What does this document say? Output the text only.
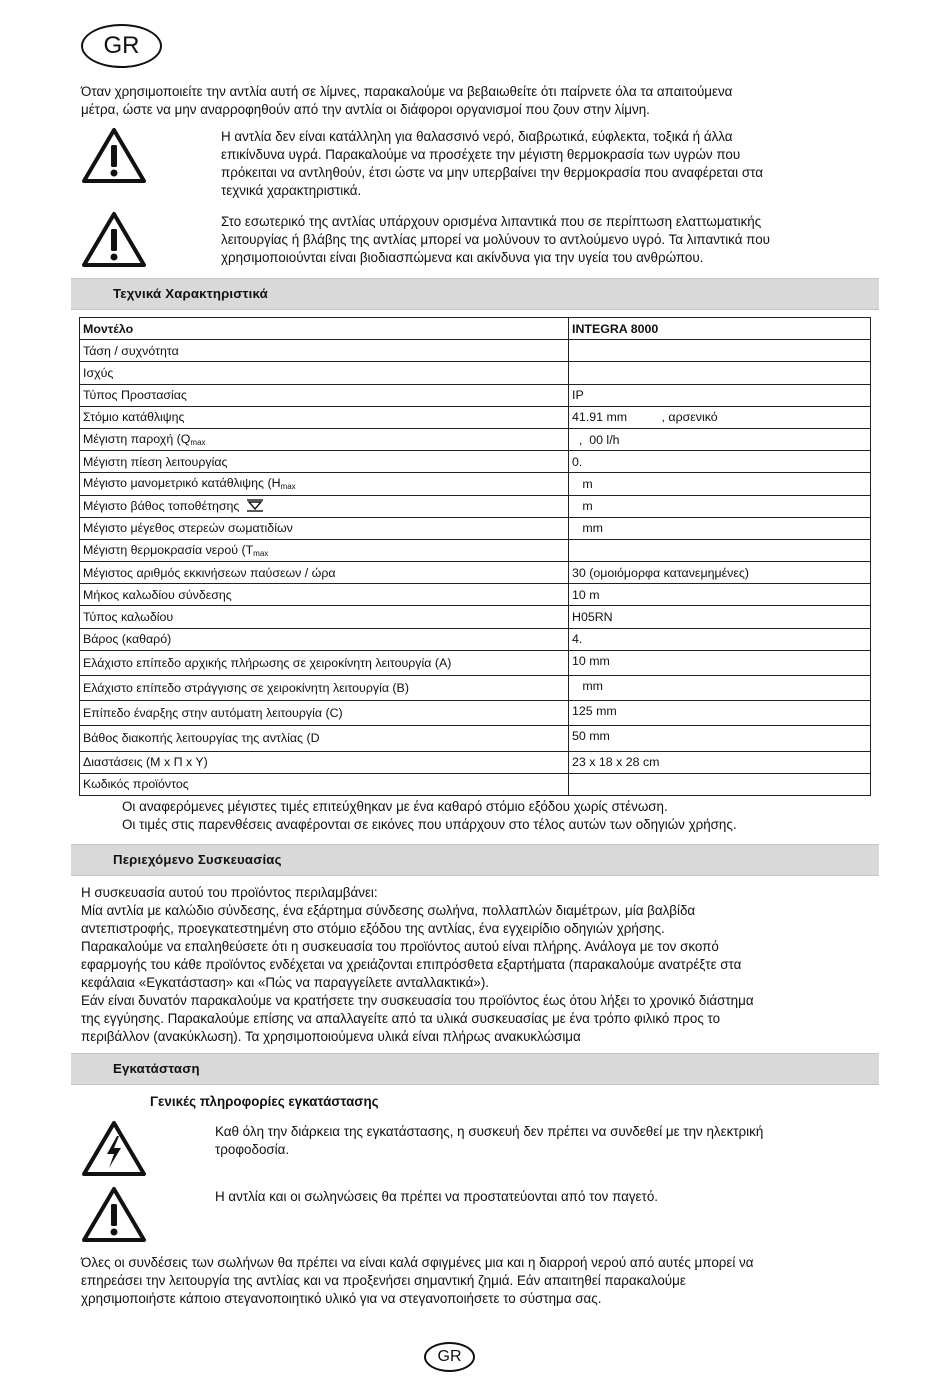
GR
Όταν χρησιμοποιείτε την αντλία αυτή σε λίμνες, παρακαλούμε να βεβαιωθείτε ότι παίρνετε όλα τα απαιτούμενα
μέτρα, ώστε να μην αναρροφηθούν από την αντλία οι διάφοροι οργανισμοί που ζουν στην λίμνη.
Η αντλία δεν είναι κατάλληλη για θαλασσινό νερό, διαβρωτικά, εύφλεκτα, τοξικά ή άλλα
επικίνδυνα υγρά. Παρακαλούμε να προσέχετε την μέγιστη θερμοκρασία των υγρών που
πρόκειται να αντληθούν, έτσι ώστε να μην υπερβαίνει την θερμοκρασία που αναφέρεται στα
τεχνικά χαρακτηριστικά.
Στο εσωτερικό της αντλίας υπάρχουν ορισμένα λιπαντικά που σε περίπτωση ελαττωματικής
λειτουργίας ή βλάβης της αντλίας μπορεί να μολύνουν το αντλούμενο υγρό. Τα λιπαντικά που
χρησιμοποιούνται είναι βιοδιασπώμενα και ακίνδυνα για την υγεία του ανθρώπου.
Τεχνικά Χαρακτηριστικά
Μοντέλο	INTEGRA 8000
Τάση / συχνότητα	
Ισχύς	
Τύπος Προστασίας	IP
Στόμιο κατάθλιψης	41.91 mm          , αρσενικό
Μέγιστη παροχή ($Q_{max}$	,  00 l/h
Μέγιστη πίεση λειτουργίας	0.
Μέγιστο μανομετρικό κατάθλιψης ($H_{max}$	m
Μέγιστο βάθος τοποθέτησης	m
Μέγιστο μέγεθος στερεών σωματιδίων	mm
Μέγιστη θερμοκρασία νερού ($T_{max}$	
Μέγιστος αριθμός εκκινήσεων παύσεων / ώρα	30 (ομοιόμορφα κατανεμημένες)
Μήκος καλωδίου σύνδεσης	10 m
Τύπος καλωδίου	H05RN
Βάρος (καθαρό)	4.
Ελάχιστο επίπεδο αρχικής πλήρωσης σε χειροκίνητη λειτουργία (A)	10 mm
Ελάχιστο επίπεδο στράγγισης σε χειροκίνητη λειτουργία (B)	mm
Επίπεδο έναρξης στην αυτόματη λειτουργία (C)	125 mm
Βάθος διακοπής λειτουργίας της αντλίας (D	50 mm
Διαστάσεις (M x Π x Y)	23 x 18 x 28 cm
Κωδικός προϊόντος	
Οι αναφερόμενες μέγιστες τιμές επιτεύχθηκαν με ένα καθαρό στόμιο εξόδου χωρίς στένωση.
Οι τιμές στις παρενθέσεις αναφέρονται σε εικόνες που υπάρχουν στο τέλος αυτών των οδηγιών χρήσης.
Περιεχόμενο Συσκευασίας
Η συσκευασία αυτού του προϊόντος περιλαμβάνει:
Μία αντλία με καλώδιο σύνδεσης, ένα εξάρτημα σύνδεσης σωλήνα, πολλαπλών διαμέτρων, μία βαλβίδα
αντεπιστροφής, προεγκατεστημένη στο στόμιο εξόδου της αντλίας, ένα εγχειρίδιο οδηγιών χρήσης.
Παρακαλούμε να επαληθεύσετε ότι η συσκευασία του προϊόντος αυτού είναι πλήρης. Ανάλογα με τον σκοπό
εφαρμογής του κάθε προϊόντος ενδέχεται να χρειάζονται επιπρόσθετα εξαρτήματα (παρακαλούμε ανατρέξτε στα
κεφάλαια «Εγκατάσταση» και «Πώς να παραγγείλετε ανταλλακτικά»).
Εάν είναι δυνατόν παρακαλούμε να κρατήσετε την συσκευασία του προϊόντος έως ότου λήξει το χρονικό διάστημα
της εγγύησης. Παρακαλούμε επίσης να απαλλαγείτε από τα υλικά συσκευασίας με ένα τρόπο φιλικό προς το
περιβάλλον (ανακύκλωση). Τα χρησιμοποιούμενα υλικά είναι πλήρως ανακυκλώσιμα
Εγκατάσταση
Γενικές πληροφορίες εγκατάστασης
Καθ όλη την διάρκεια της εγκατάστασης, η συσκευή δεν πρέπει να συνδεθεί με την ηλεκτρική
τροφοδοσία.
Η αντλία και οι σωληνώσεις θα πρέπει να προστατεύονται από τον παγετό.
Όλες οι συνδέσεις των σωλήνων θα πρέπει να είναι καλά σφιγμένες μια και η διαρροή νερού από αυτές μπορεί να
επηρεάσει την λειτουργία της αντλίας και να προξενήσει σημαντική ζημιά. Εάν απαιτηθεί παρακαλούμε
χρησιμοποιήστε κάποιο στεγανοποιητικό υλικό για να στεγανοποιήσετε το σύστημα σας.
GR
